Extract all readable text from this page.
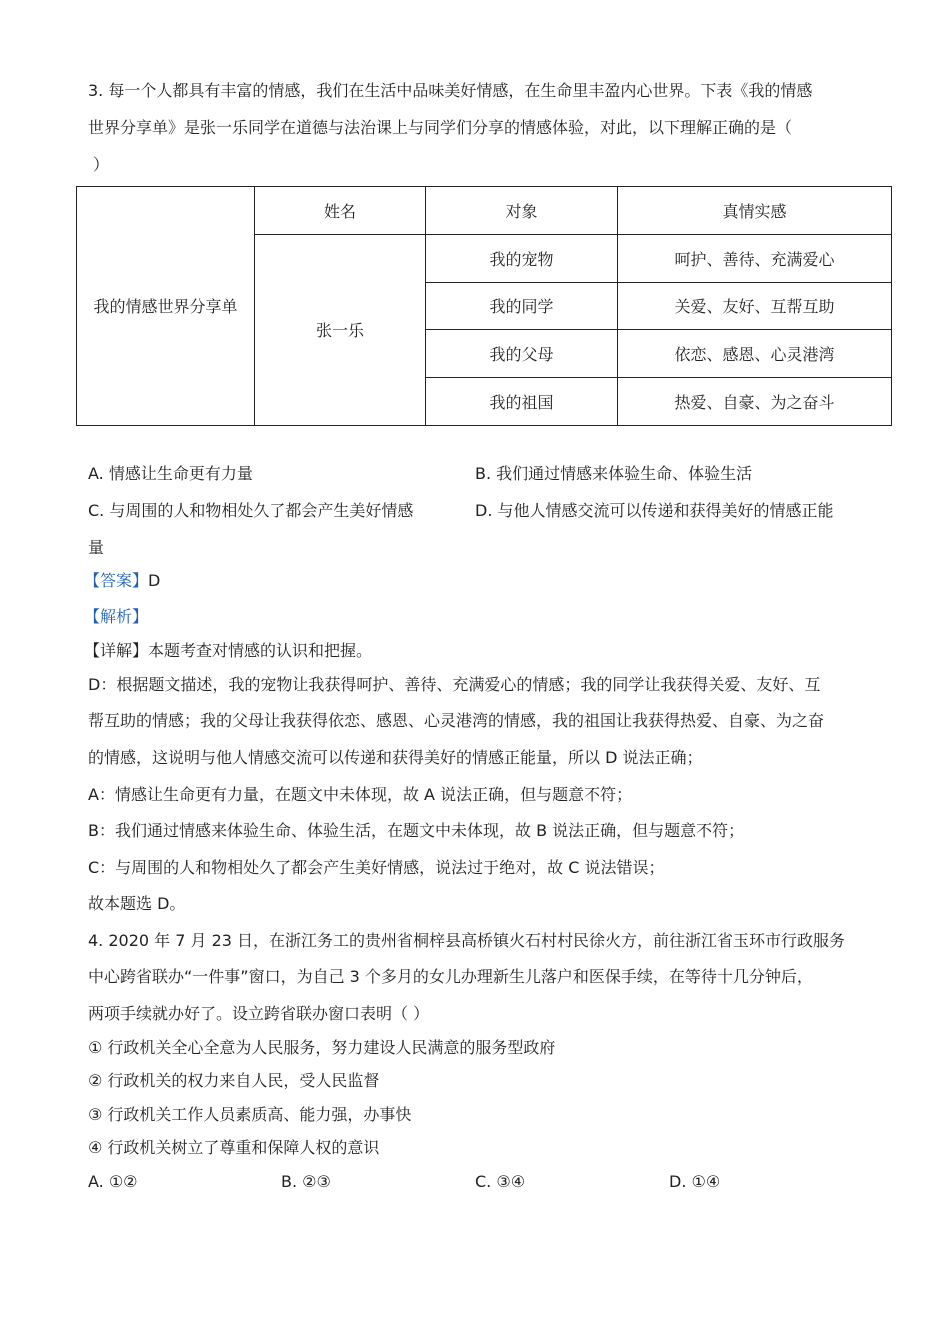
3. 每一个人都具有丰富的情感，我们在生活中品味美好情感，在生命里丰盈内心世界。下表《我的情感
世界分享单》是张一乐同学在道德与法治课上与同学们分享的情感体验，对此，以下理解正确的是（
）
我的情感世界分享单	姓名	对象	真情实感
	张一乐	我的宠物	呵护、善待、充满爱心
		我的同学	关爱、友好、互帮互助
		我的父母	依恋、感恩、心灵港湾
		我的祖国	热爱、自豪、为之奋斗
A. 情感让生命更有力量	B. 我们通过情感来体验生命、体验生活
C. 与周围的人和物相处久了都会产生美好情感	D. 与他人情感交流可以传递和获得美好的情感正能
量
【答案】D
【解析】
【详解】本题考查对情感的认识和把握。
D：根据题文描述，我的宠物让我获得呵护、善待、充满爱心的情感；我的同学让我获得关爱、友好、互
帮互助的情感；我的父母让我获得依恋、感恩、心灵港湾的情感，我的祖国让我获得热爱、自豪、为之奋
的情感，这说明与他人情感交流可以传递和获得美好的情感正能量，所以 D 说法正确；
A：情感让生命更有力量，在题文中未体现，故 A 说法正确，但与题意不符；
B：我们通过情感来体验生命、体验生活，在题文中未体现，故 B 说法正确，但与题意不符；
C：与周围的人和物相处久了都会产生美好情感，说法过于绝对，故 C 说法错误；
故本题选 D。
4. 2020 年 7 月 23 日，在浙江务工的贵州省桐梓县高桥镇火石村村民徐火方，前往浙江省玉环市行政服务
中心跨省联办“一件事”窗口，为自己 3 个多月的女儿办理新生儿落户和医保手续，在等待十几分钟后，
两项手续就办好了。设立跨省联办窗口表明（ ）
① 行政机关全心全意为人民服务，努力建设人民满意的服务型政府
② 行政机关的权力来自人民，受人民监督
③ 行政机关工作人员素质高、能力强，办事快
④ 行政机关树立了尊重和保障人权的意识
A. ①②	B. ②③	C. ③④	D. ①④
